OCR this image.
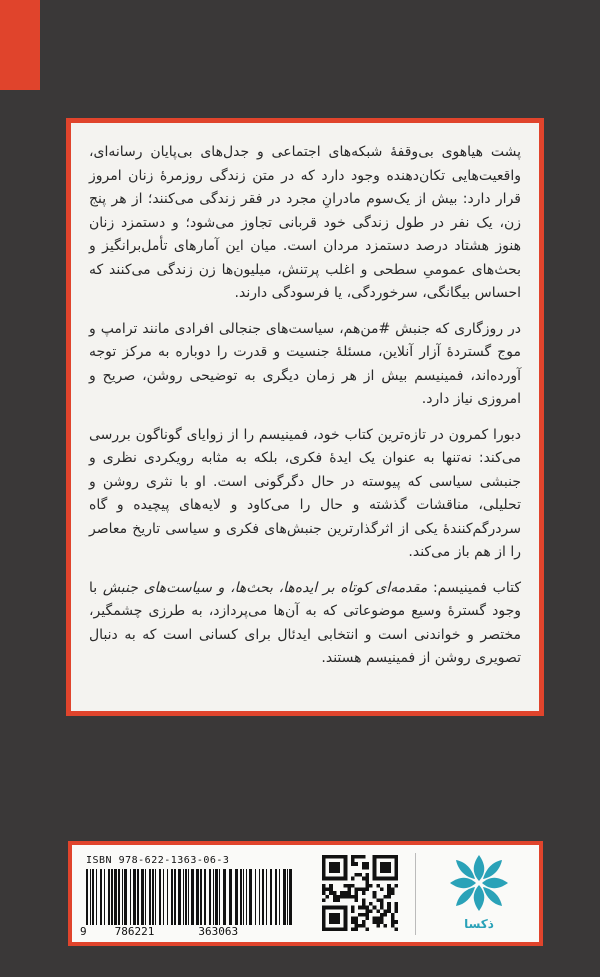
پشت هیاهوی بی‌وقفهٔ شبکه‌های اجتماعی و جدل‌های بی‌پایان رسانه‌ای، واقعیت‌هایی تکان‌دهنده وجود دارد که در متن زندگی روزمرهٔ زنان امروز قرار دارد: بیش از یک‌سوم مادرانِ مجرد در فقر زندگی می‌کنند؛ از هر پنج زن، یک نفر در طول زندگی خود قربانی تجاوز می‌شود؛ و دستمزد زنان هنوز هشتاد درصد دستمزد مردان است. میان این آمارهای تأمل‌برانگیز و بحث‌های عمومیِ سطحی و اغلب پرتنش، میلیون‌ها زن زندگی می‌کنند که احساس بیگانگی، سرخوردگی، یا فرسودگی دارند.

در روزگاری که جنبش #من‌هم، سیاست‌های جنجالی افرادی مانند ترامپ و موج گستردهٔ آزار آنلاین، مسئلهٔ جنسیت و قدرت را دوباره به مرکز توجه آورده‌اند، فمینیسم بیش از هر زمان دیگری به توضیحی روشن، صریح و امروزی نیاز دارد.

دبورا کمرون در تازه‌ترین کتاب خود، فمینیسم را از زوایای گوناگون بررسی می‌کند: نه‌تنها به عنوان یک ایدهٔ فکری، بلکه به مثابه رویکردی نظری و جنبشی سیاسی که پیوسته در حال دگرگونی است. او با نثری روشن و تحلیلی، مناقشات گذشته و حال را می‌کاود و لایه‌های پیچیده و گاه سردرگم‌کنندهٔ یکی از اثرگذارترین جنبش‌های فکری و سیاسی تاریخ معاصر را از هم باز می‌کند.

کتاب فمینیسم: مقدمه‌ای کوتاه بر ایده‌ها، بحث‌ها، و سیاست‌های جنبش با وجود گسترهٔ وسیع موضوعاتی که به آن‌ها می‌پردازد، به طرزی چشمگیر، مختصر و خواندنی است و انتخابی ایدئال برای کسانی است که به دنبال تصویری روشن از فمینیسم هستند.

ISBN 978-622-1363-06-3
9	786221	363063
ذکسا
